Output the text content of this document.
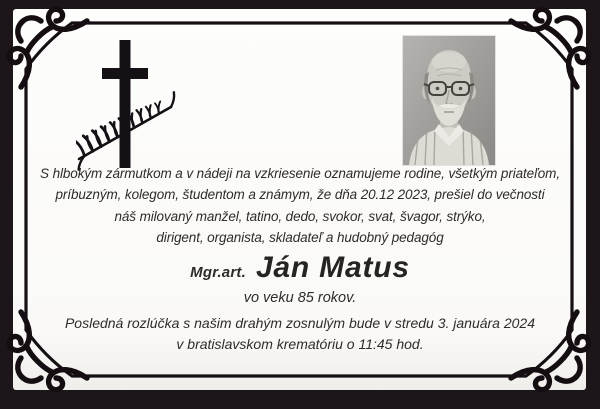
S hlbokým zármutkom a v nádeji na vzkriesenie oznamujeme rodine, všetkým priateľom,
príbuzným, kolegom, študentom a známym, že dňa 20.12 2023, prešiel do večnosti
náš milovaný manžel, tatino, dedo, svokor, svat, švagor, strýko,
dirigent, organista, skladateľ a hudobný pedagóg
Mgr.art. Ján Matus
vo veku 85 rokov.
Posledná rozlúčka s našim drahým zosnulým bude v stredu 3. januára 2024
v bratislavskom krematóriu o 11:45 hod.
